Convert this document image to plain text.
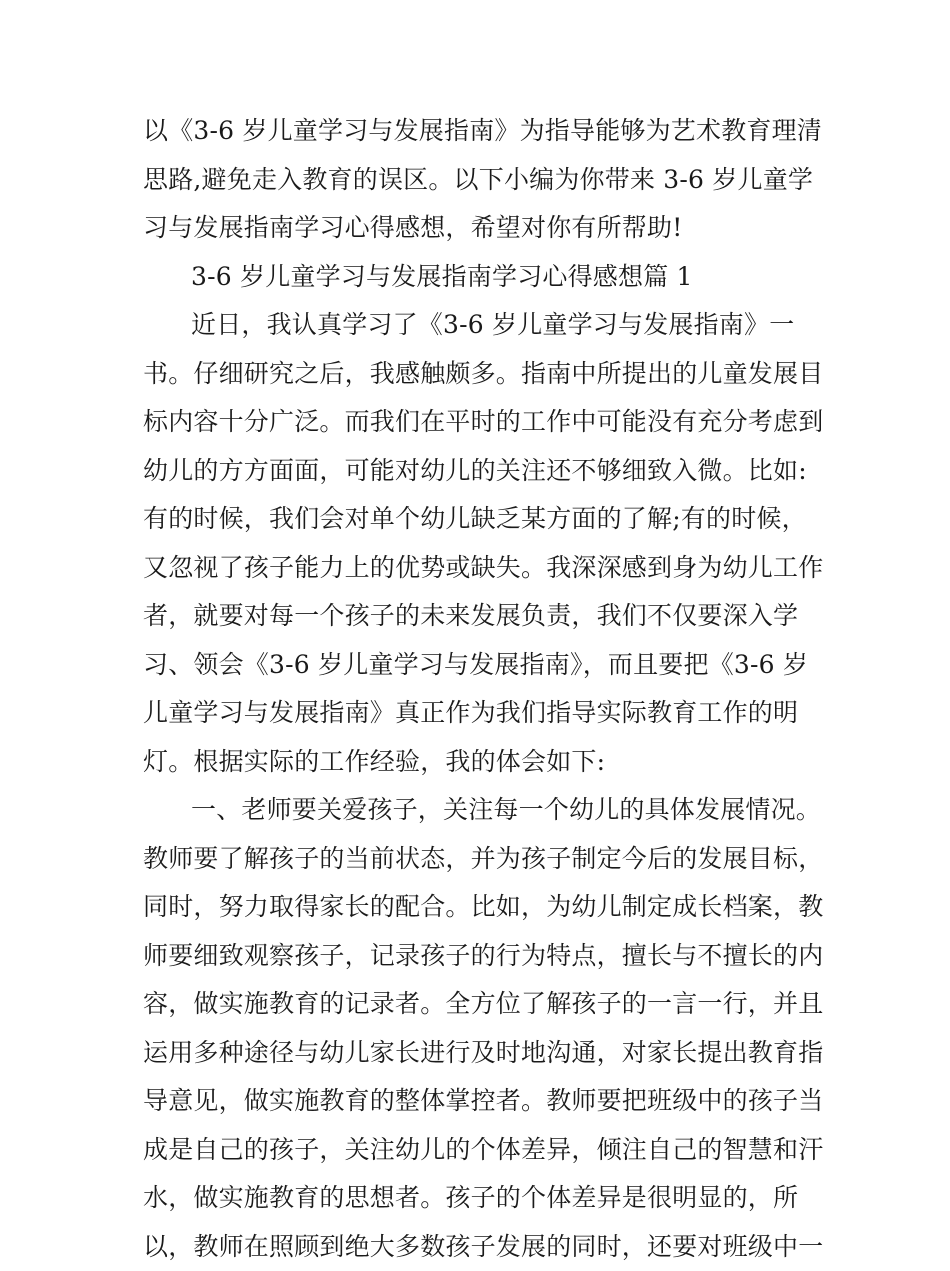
以《3-6 岁儿童学习与发展指南》为指导能够为艺术教育理清
思路,避免走入教育的误区。以下小编为你带来 3-6 岁儿童学
习与发展指南学习心得感想，希望对你有所帮助!
3-6 岁儿童学习与发展指南学习心得感想篇 1
近日，我认真学习了《3-6 岁儿童学习与发展指南》一
书。仔细研究之后，我感触颇多。指南中所提出的儿童发展目
标内容十分广泛。而我们在平时的工作中可能没有充分考虑到
幼儿的方方面面，可能对幼儿的关注还不够细致入微。比如:
有的时候，我们会对单个幼儿缺乏某方面的了解;有的时候，
又忽视了孩子能力上的优势或缺失。我深深感到身为幼儿工作
者，就要对每一个孩子的未来发展负责，我们不仅要深入学
习、领会《3-6 岁儿童学习与发展指南》，而且要把《3-6 岁
儿童学习与发展指南》真正作为我们指导实际教育工作的明
灯。根据实际的工作经验，我的体会如下:
一、老师要关爱孩子，关注每一个幼儿的具体发展情况。
教师要了解孩子的当前状态，并为孩子制定今后的发展目标，
同时，努力取得家长的配合。比如，为幼儿制定成长档案，教
师要细致观察孩子，记录孩子的行为特点，擅长与不擅长的内
容，做实施教育的记录者。全方位了解孩子的一言一行，并且
运用多种途径与幼儿家长进行及时地沟通，对家长提出教育指
导意见，做实施教育的整体掌控者。教师要把班级中的孩子当
成是自己的孩子，关注幼儿的个体差异，倾注自己的智慧和汗
水，做实施教育的思想者。孩子的个体差异是很明显的，所
以，教师在照顾到绝大多数孩子发展的同时，还要对班级中一
